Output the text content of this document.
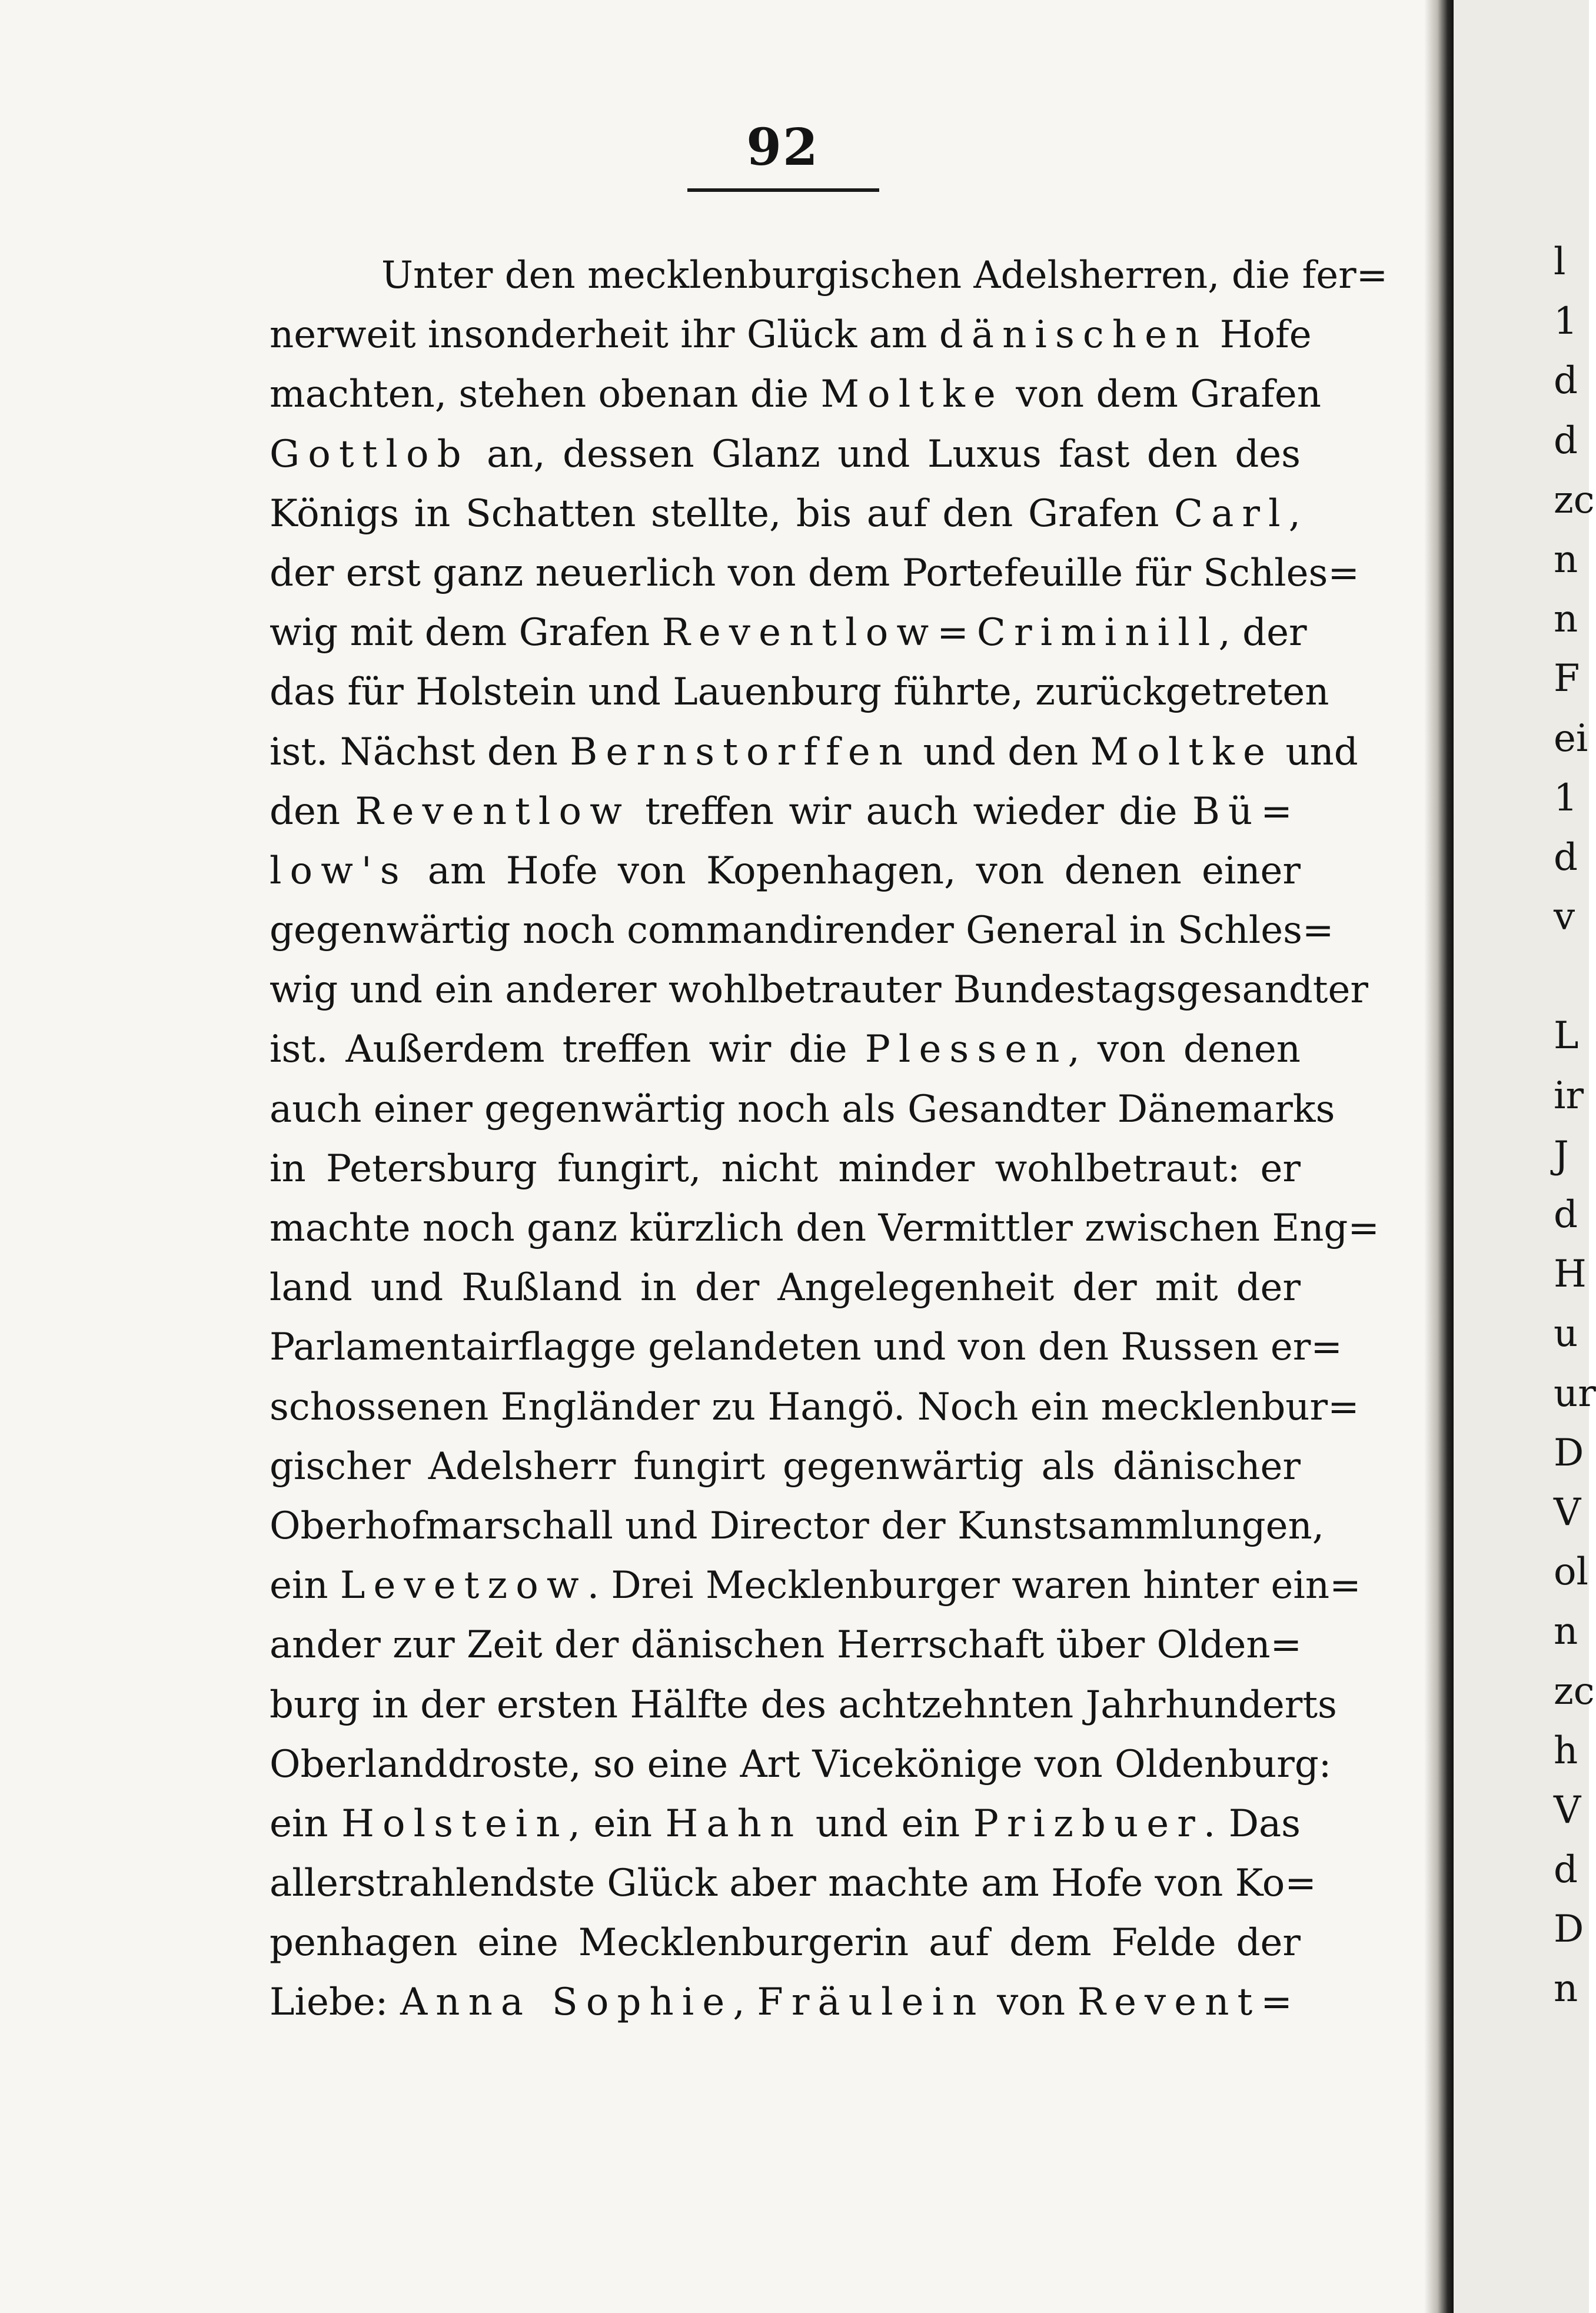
92
Unter den mecklenburgischen Adelsherren, die fer=
nerweit insonderheit ihr Glück am dänischen Hofe
machten, stehen obenan die Moltke von dem Grafen
Gottlob an, dessen Glanz und Luxus fast den des
Königs in Schatten stellte, bis auf den Grafen Carl,
der erst ganz neuerlich von dem Portefeuille für Schles=
wig mit dem Grafen Reventlow=Criminill, der
das für Holstein und Lauenburg führte, zurückgetreten
ist. Nächst den Bernstorffen und den Moltke und
den Reventlow treffen wir auch wieder die Bü=
low's am Hofe von Kopenhagen, von denen einer
gegenwärtig noch commandirender General in Schles=
wig und ein anderer wohlbetrauter Bundestagsgesandter
ist. Außerdem treffen wir die Plessen, von denen
auch einer gegenwärtig noch als Gesandter Dänemarks
in Petersburg fungirt, nicht minder wohlbetraut: er
machte noch ganz kürzlich den Vermittler zwischen Eng=
land und Rußland in der Angelegenheit der mit der
Parlamentairflagge gelandeten und von den Russen er=
schossenen Engländer zu Hangö. Noch ein mecklenbur=
gischer Adelsherr fungirt gegenwärtig als dänischer
Oberhofmarschall und Director der Kunstsammlungen,
ein Levetzow. Drei Mecklenburger waren hinter ein=
ander zur Zeit der dänischen Herrschaft über Olden=
burg in der ersten Hälfte des achtzehnten Jahrhunderts
Oberlanddroste, so eine Art Vicekönige von Oldenburg:
ein Holstein, ein Hahn und ein Prizbuer. Das
allerstrahlendste Glück aber machte am Hofe von Ko=
penhagen eine Mecklenburgerin auf dem Felde der
Liebe: Anna Sophie, Fräulein von Revent=
l
1
d
d
zc
n
n
F
ei
1
d
v
L
ir
J
d
H
u
ur
D
V
ol
n
zc
h
V
d
D
n
